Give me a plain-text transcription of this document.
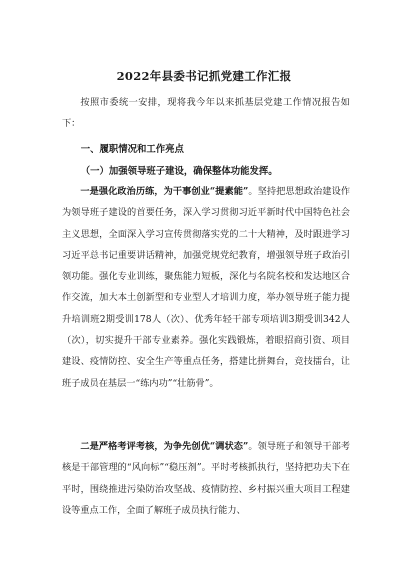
2022年县委书记抓党建工作汇报
按照市委统一安排，现将我今年以来抓基层党建工作情况报告如下：
一、履职情况和工作亮点
（一）加强领导班子建设，确保整体功能发挥。
一是强化政治历练，为干事创业“提素能”。坚持把思想政治建设作为领导班子建设的首要任务，深入学习贯彻习近平新时代中国特色社会主义思想，全面深入学习宣传贯彻落实党的二十大精神，及时跟进学习习近平总书记重要讲话精神，加强党规党纪教育，增强领导班子政治引领功能。强化专业训练，聚焦能力短板，深化与名院名校和发达地区合作交流，加大本土创新型和专业型人才培训力度，举办领导班子能力提升培训班2期受训178人（次）、优秀年轻干部专项培训3期受训342人（次），切实提升干部专业素养。强化实践锻炼，着眼招商引资、项目建设、疫情防控、安全生产等重点任务，搭建比拼舞台，竞技擂台，让班子成员在基层一“练内功”“壮筋骨”。
二是严格考评考核，为争先创优“调状态”。领导班子和领导干部考核是干部管理的“风向标”“稳压剂”。平时考核抓执行，坚持把功夫下在平时，围绕推进污染防治攻坚战、疫情防控、乡村振兴重大项目工程建设等重点工作，全面了解班子成员执行能力、
